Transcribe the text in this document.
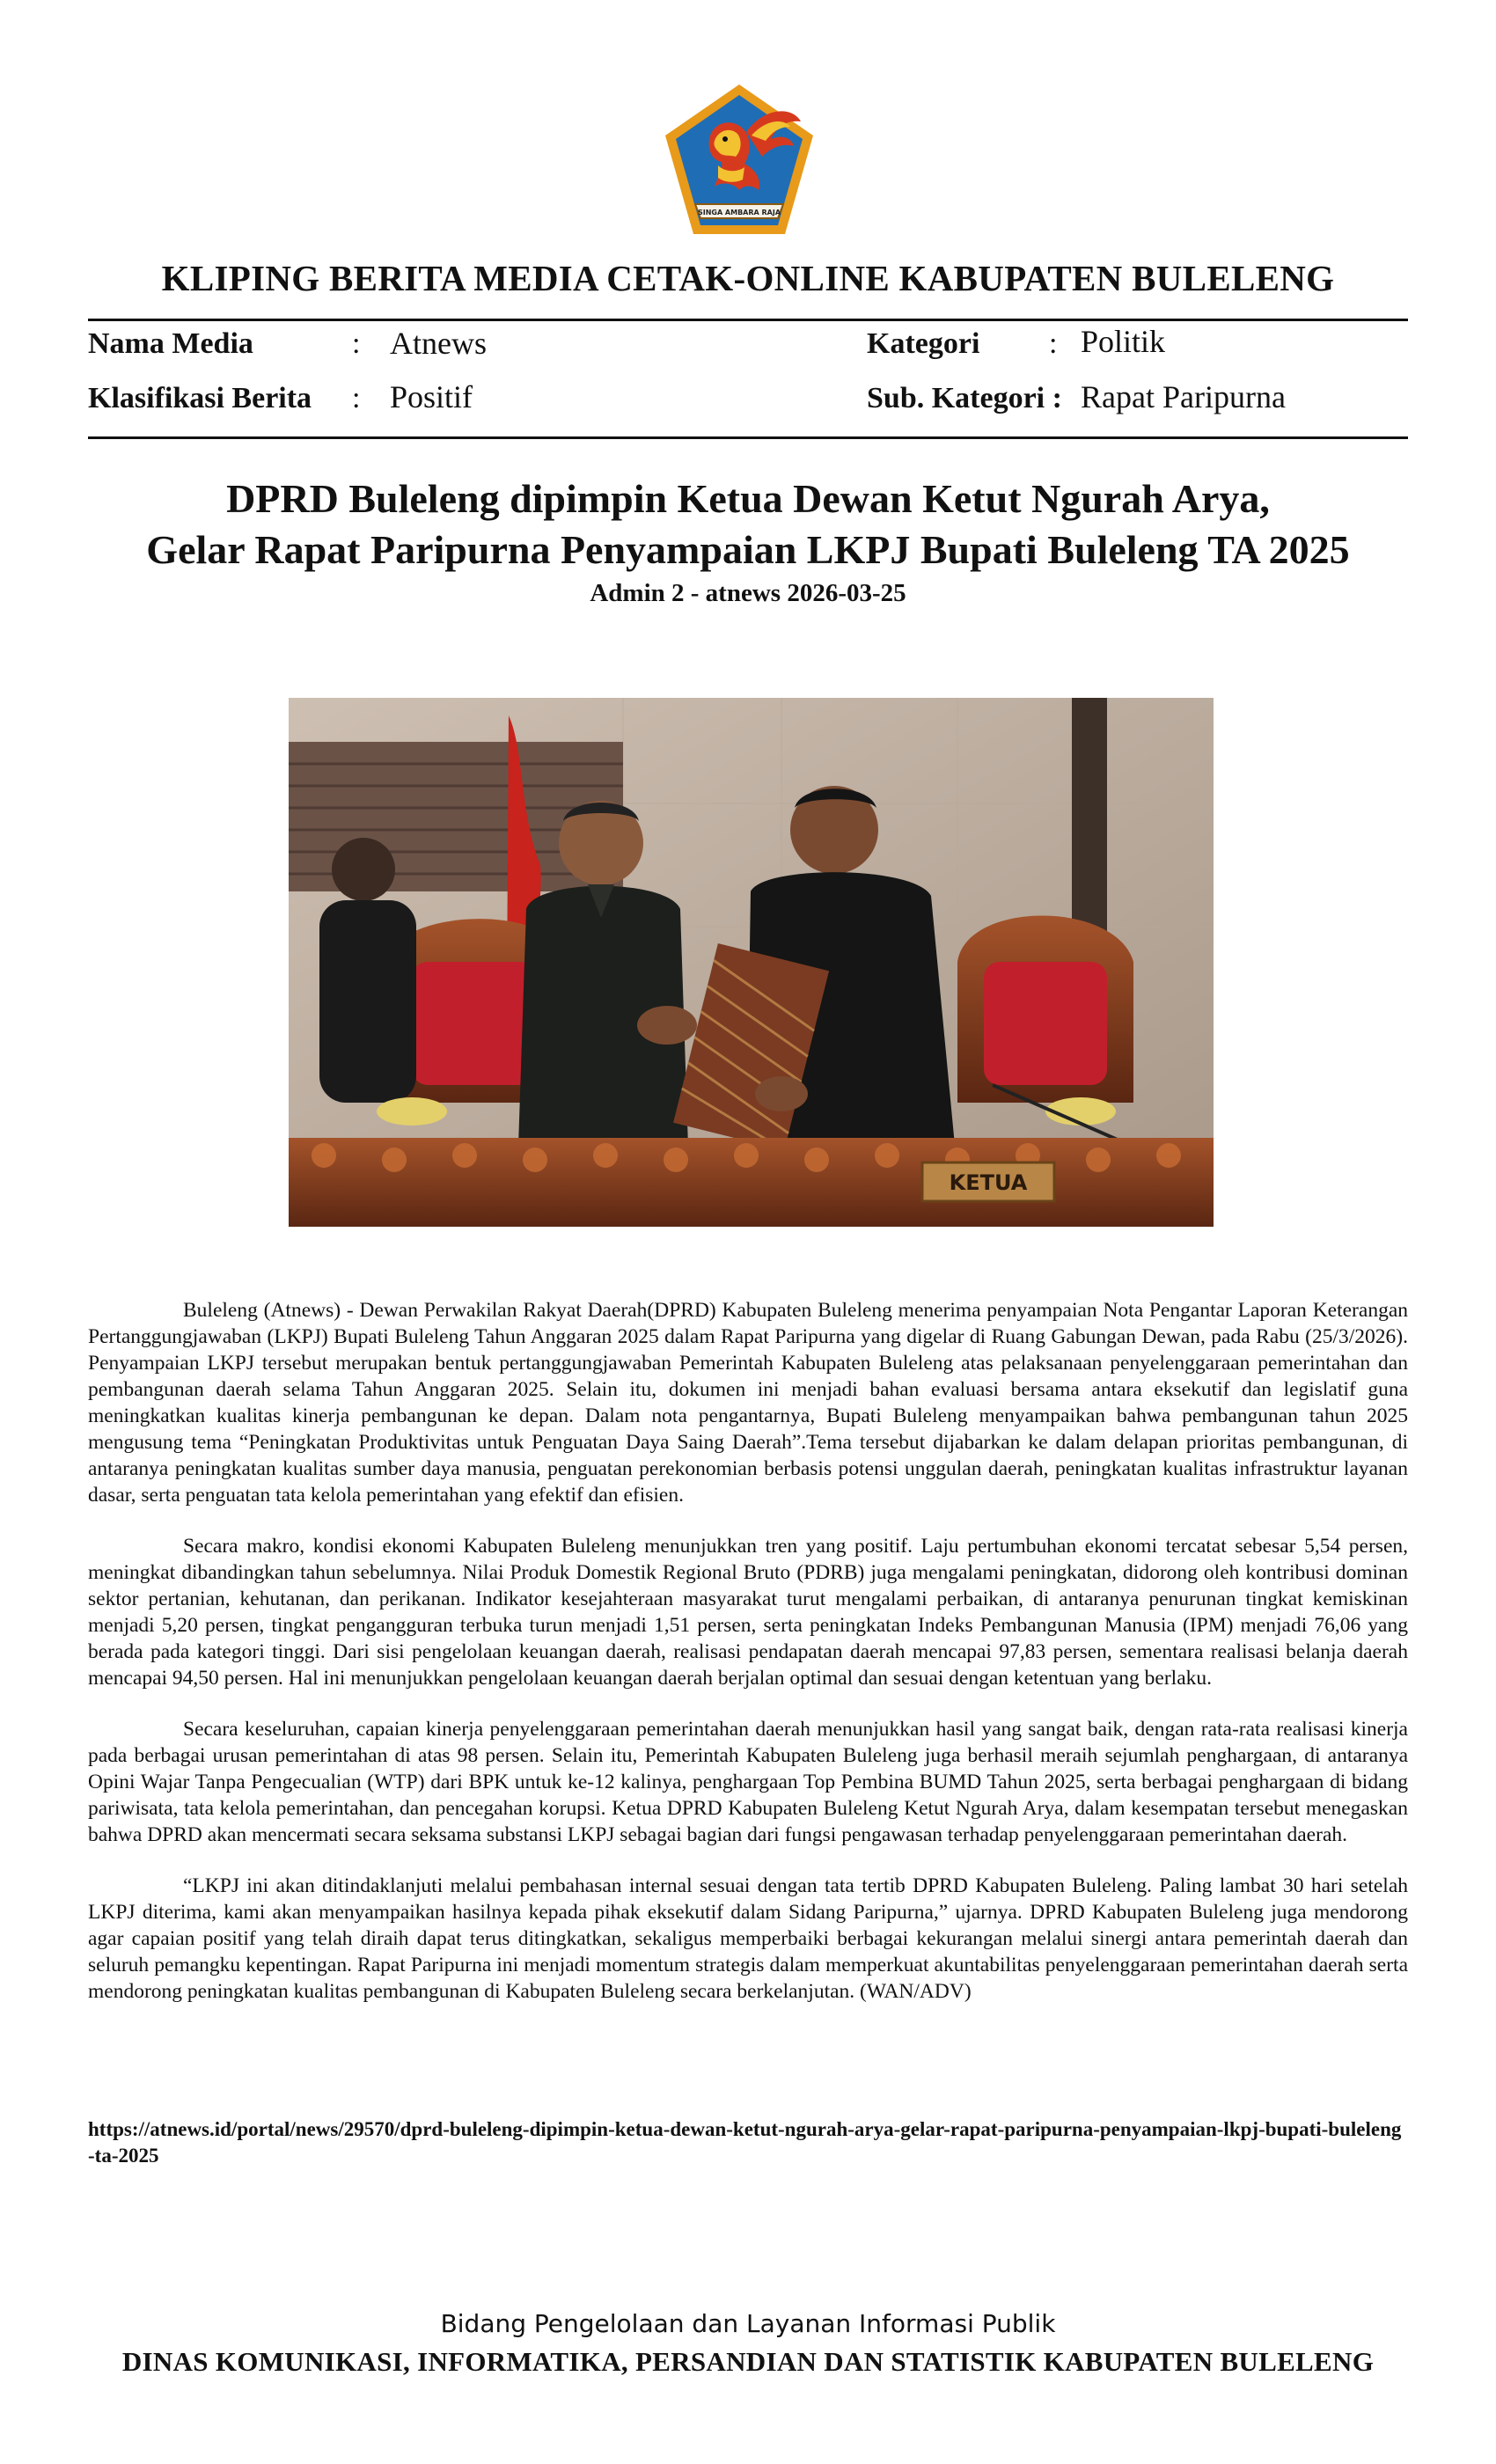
SINGA AMBARA RAJA
KLIPING BERITA MEDIA CETAK-ONLINE KABUPATEN BULELENG
Nama Media	: Atnews	Kategori : Politik
Klasifikasi Berita : Positif	Sub. Kategori : Rapat Paripurna
DPRD Buleleng dipimpin Ketua Dewan Ketut Ngurah Arya,
Gelar Rapat Paripurna Penyampaian LKPJ Bupati Buleleng TA 2025
Admin 2 - atnews 2026-03-25
KETUA

Buleleng (Atnews) - Dewan Perwakilan Rakyat Daerah(DPRD) Kabupaten Buleleng menerima penyampaian Nota Pengantar Laporan Keterangan Pertanggungjawaban (LKPJ) Bupati Buleleng Tahun Anggaran 2025 dalam Rapat Paripurna yang digelar di Ruang Gabungan Dewan, pada Rabu (25/3/2026). Penyampaian LKPJ tersebut merupakan bentuk pertanggungjawaban Pemerintah Kabupaten Buleleng atas pelaksanaan penyelenggaraan pemerintahan dan pembangunan daerah selama Tahun Anggaran 2025. Selain itu, dokumen ini menjadi bahan evaluasi bersama antara eksekutif dan legislatif guna meningkatkan kualitas kinerja pembangunan ke depan. Dalam nota pengantarnya, Bupati Buleleng menyampaikan bahwa pembangunan tahun 2025 mengusung tema “Peningkatan Produktivitas untuk Penguatan Daya Saing Daerah”.Tema tersebut dijabarkan ke dalam delapan prioritas pembangunan, di antaranya peningkatan kualitas sumber daya manusia, penguatan perekonomian berbasis potensi unggulan daerah, peningkatan kualitas infrastruktur layanan dasar, serta penguatan tata kelola pemerintahan yang efektif dan efisien.

Secara makro, kondisi ekonomi Kabupaten Buleleng menunjukkan tren yang positif. Laju pertumbuhan ekonomi tercatat sebesar 5,54 persen, meningkat dibandingkan tahun sebelumnya. Nilai Produk Domestik Regional Bruto (PDRB) juga mengalami peningkatan, didorong oleh kontribusi dominan sektor pertanian, kehutanan, dan perikanan. Indikator kesejahteraan masyarakat turut mengalami perbaikan, di antaranya penurunan tingkat kemiskinan menjadi 5,20 persen, tingkat pengangguran terbuka turun menjadi 1,51 persen, serta peningkatan Indeks Pembangunan Manusia (IPM) menjadi 76,06 yang berada pada kategori tinggi. Dari sisi pengelolaan keuangan daerah, realisasi pendapatan daerah mencapai 97,83 persen, sementara realisasi belanja daerah mencapai 94,50 persen. Hal ini menunjukkan pengelolaan keuangan daerah berjalan optimal dan sesuai dengan ketentuan yang berlaku.

Secara keseluruhan, capaian kinerja penyelenggaraan pemerintahan daerah menunjukkan hasil yang sangat baik, dengan rata-rata realisasi kinerja pada berbagai urusan pemerintahan di atas 98 persen. Selain itu, Pemerintah Kabupaten Buleleng juga berhasil meraih sejumlah penghargaan, di antaranya Opini Wajar Tanpa Pengecualian (WTP) dari BPK untuk ke-12 kalinya, penghargaan Top Pembina BUMD Tahun 2025, serta berbagai penghargaan di bidang pariwisata, tata kelola pemerintahan, dan pencegahan korupsi. Ketua DPRD Kabupaten Buleleng Ketut Ngurah Arya, dalam kesempatan tersebut menegaskan bahwa DPRD akan mencermati secara seksama substansi LKPJ sebagai bagian dari fungsi pengawasan terhadap penyelenggaraan pemerintahan daerah.

“LKPJ ini akan ditindaklanjuti melalui pembahasan internal sesuai dengan tata tertib DPRD Kabupaten Buleleng. Paling lambat 30 hari setelah LKPJ diterima, kami akan menyampaikan hasilnya kepada pihak eksekutif dalam Sidang Paripurna,” ujarnya. DPRD Kabupaten Buleleng juga mendorong agar capaian positif yang telah diraih dapat terus ditingkatkan, sekaligus memperbaiki berbagai kekurangan melalui sinergi antara pemerintah daerah dan seluruh pemangku kepentingan. Rapat Paripurna ini menjadi momentum strategis dalam memperkuat akuntabilitas penyelenggaraan pemerintahan daerah serta mendorong peningkatan kualitas pembangunan di Kabupaten Buleleng secara berkelanjutan. (WAN/ADV)

https://atnews.id/portal/news/29570/dprd-buleleng-dipimpin-ketua-dewan-ketut-ngurah-arya-gelar-rapat-paripurna-penyampaian-lkpj-bupati-buleleng-ta-2025
Bidang Pengelolaan dan Layanan Informasi Publik
DINAS KOMUNIKASI, INFORMATIKA, PERSANDIAN DAN STATISTIK KABUPATEN BULELENG
